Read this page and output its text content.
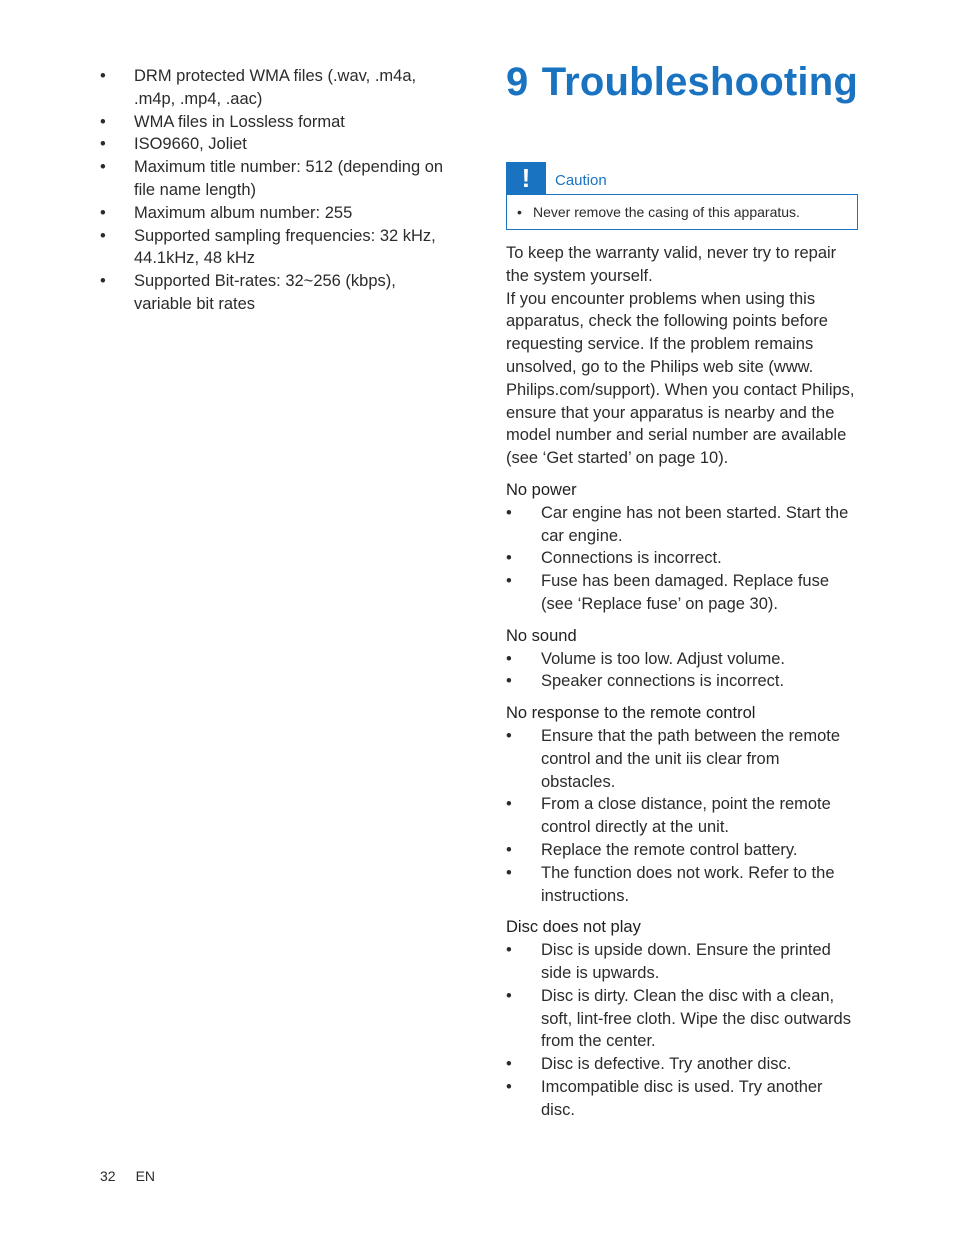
• DRM protected WMA files (.wav, .m4a, .m4p, .mp4, .aac)
• WMA files in Lossless format
• ISO9660, Joliet
• Maximum title number: 512 (depending on file name length)
• Maximum album number: 255
• Supported sampling frequencies: 32 kHz, 44.1kHz, 48 kHz
• Supported Bit-rates: 32~256 (kbps), variable bit rates
9 Troubleshooting
!	Caution
• Never remove the casing of this apparatus.

To keep the warranty valid, never try to repair the system yourself.

If you encounter problems when using this apparatus, check the following points before requesting service. If the problem remains unsolved, go to the Philips web site (www. Philips.com/support). When you contact Philips, ensure that your apparatus is nearby and the model number and serial number are available (see ‘Get started’ on page 10).

No power
• Car engine has not been started. Start the car engine.
• Connections is incorrect.
• Fuse has been damaged. Replace fuse (see ‘Replace fuse’ on page 30).
No sound
• Volume is too low. Adjust volume.
• Speaker connections is incorrect.
No response to the remote control
• Ensure that the path between the remote control and the unit iis clear from obstacles.
• From a close distance, point the remote control directly at the unit.
• Replace the remote control battery.
• The function does not work. Refer to the instructions.
Disc does not play
• Disc is upside down. Ensure the printed side is upwards.
• Disc is dirty. Clean the disc with a clean, soft, lint-free cloth. Wipe the disc outwards from the center.
• Disc is defective. Try another disc.
• Imcompatible disc is used. Try another disc.
32 EN
